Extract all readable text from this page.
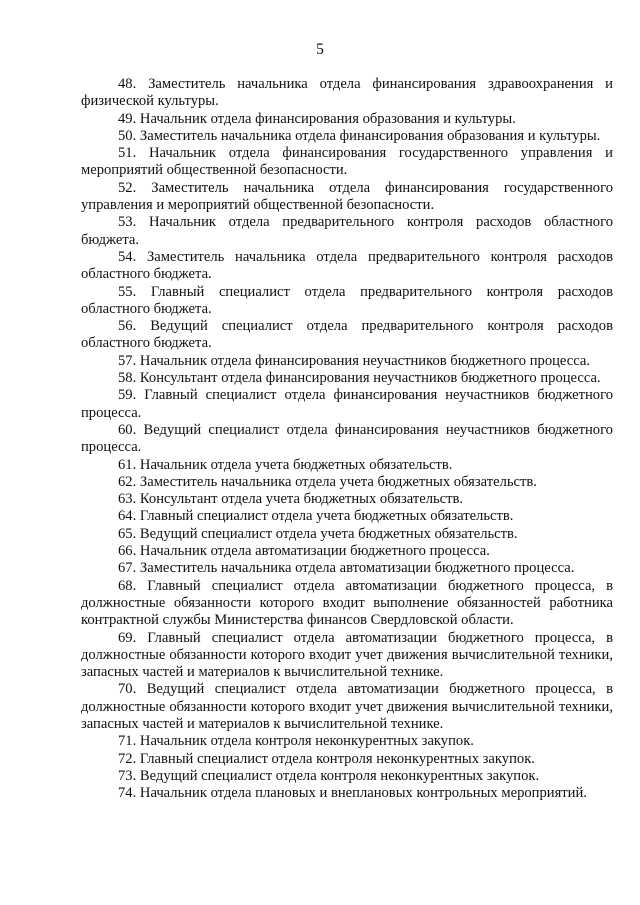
5

48. Заместитель начальника отдела финансирования здравоохранения и физической культуры.

49. Начальник отдела финансирования образования и культуры.

50. Заместитель начальника отдела финансирования образования и культуры.

51. Начальник отдела финансирования государственного управления и мероприятий общественной безопасности.

52. Заместитель начальника отдела финансирования государственного управления и мероприятий общественной безопасности.

53. Начальник отдела предварительного контроля расходов областного бюджета.

54. Заместитель начальника отдела предварительного контроля расходов областного бюджета.

55. Главный специалист отдела предварительного контроля расходов областного бюджета.

56. Ведущий специалист отдела предварительного контроля расходов областного бюджета.

57. Начальник отдела финансирования неучастников бюджетного процесса.

58. Консультант отдела финансирования неучастников бюджетного процесса.

59. Главный специалист отдела финансирования неучастников бюджетного процесса.

60. Ведущий специалист отдела финансирования неучастников бюджетного процесса.

61. Начальник отдела учета бюджетных обязательств.

62. Заместитель начальника отдела учета бюджетных обязательств.

63. Консультант отдела учета бюджетных обязательств.

64. Главный специалист отдела учета бюджетных обязательств.

65. Ведущий специалист отдела учета бюджетных обязательств.

66. Начальник отдела автоматизации бюджетного процесса.

67. Заместитель начальника отдела автоматизации бюджетного процесса.

68. Главный специалист отдела автоматизации бюджетного процесса, в должностные обязанности которого входит выполнение обязанностей работника контрактной службы Министерства финансов Свердловской области.

69. Главный специалист отдела автоматизации бюджетного процесса, в должностные обязанности которого входит учет движения вычислительной техники, запасных частей и материалов к вычислительной технике.

70. Ведущий специалист отдела автоматизации бюджетного процесса, в должностные обязанности которого входит учет движения вычислительной техники, запасных частей и материалов к вычислительной технике.

71. Начальник отдела контроля неконкурентных закупок.

72. Главный специалист отдела контроля неконкурентных закупок.

73. Ведущий специалист отдела контроля неконкурентных закупок.

74. Начальник отдела плановых и внеплановых контрольных мероприятий.
